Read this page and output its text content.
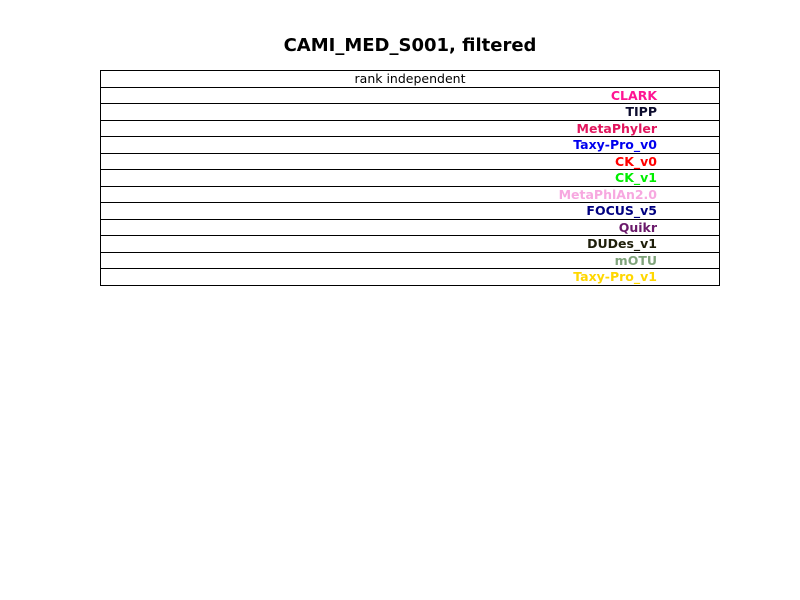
CAMI_MED_S001, filtered
rank independent
CLARK
TIPP
MetaPhyler
Taxy-Pro_v0
CK_v0
CK_v1
MetaPhlAn2.0
FOCUS_v5
Quikr
DUDes_v1
mOTU
Taxy-Pro_v1
